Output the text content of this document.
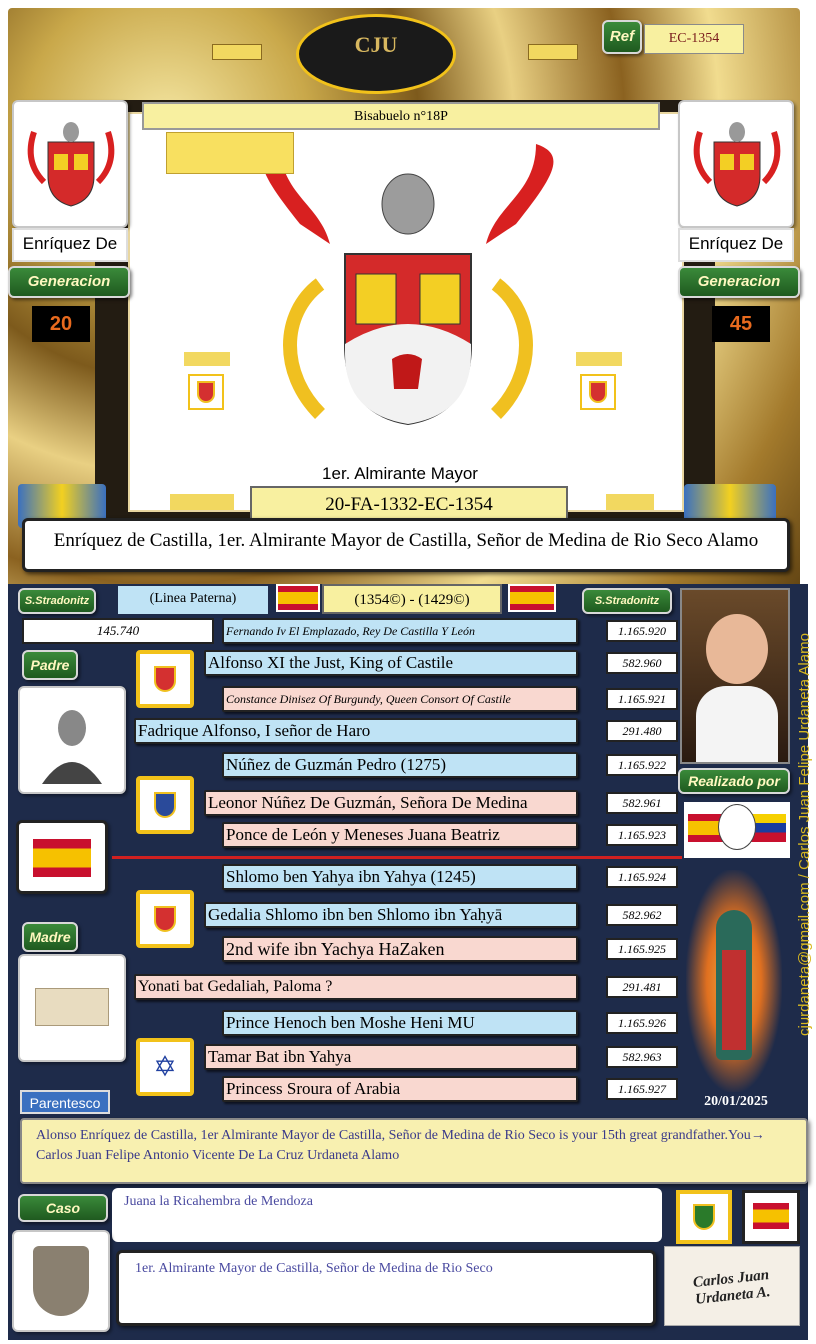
CJU	Ref	EC-1354
Bisabuelo n°18P
Enríquez De
Generacion
20
Enríquez De
Generacion
45
1er. Almirante Mayor
20-FA-1332-EC-1354
Enríquez de Castilla, 1er. Almirante Mayor de Castilla, Señor de Medina de Rio Seco Alamo
S.Stradonitz	(Linea Paterna)	(1354©) - (1429©)	S.Stradonitz
145.740
Padre
Madre
✡
Fernando Iv El Emplazado, Rey De Castilla Y León	1.165.920
Alfonso XI the Just, King of Castile	582.960
Constance Dinisez Of Burgundy, Queen Consort Of Castile	1.165.921
Fadrique Alfonso, I señor de Haro	291.480
Núñez de Guzmán Pedro (1275)	1.165.922
Leonor Núñez De Guzmán, Señora De Medina	582.961
Ponce de León y Meneses Juana Beatriz	1.165.923
Shlomo ben Yahya ibn Yahya (1245)	1.165.924
Gedalia Shlomo ibn ben Shlomo ibn Yaḥyā	582.962
2nd wife ibn Yachya HaZaken	1.165.925
Yonati bat Gedaliah, Paloma ?	291.481
Prince Henoch ben Moshe Heni MU	1.165.926
Tamar Bat ibn Yahya	582.963
Princess Sroura of Arabia	1.165.927
Realizado por
20/01/2025
cjurdaneta@gmail.com / Carlos Juan Felipe Urdaneta Alamo
Parentesco
Alonso Enríquez de Castilla, 1er Almirante Mayor de Castilla, Señor de Medina de Rio Seco is your 15th great grandfather.You→ Carlos Juan Felipe Antonio Vicente De La Cruz Urdaneta Alamo
Caso	Juana la Ricahembra de Mendoza
1er. Almirante Mayor de Castilla, Señor de Medina de Rio Seco	Carlos Juan Urdaneta A.
